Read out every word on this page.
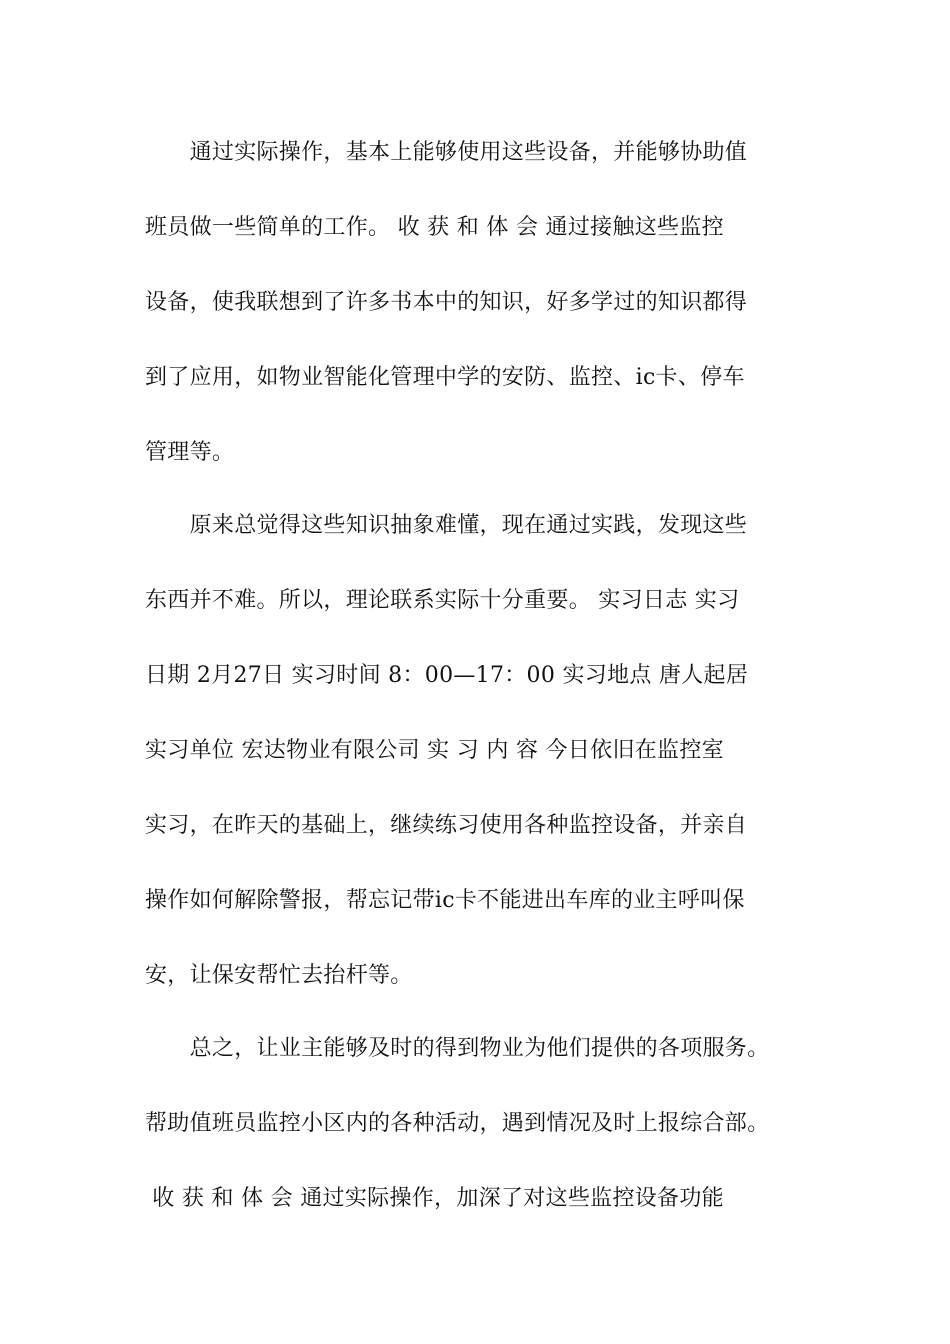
　　通过实际操作，基本上能够使用这些设备，并能够协助值
班员做一些简单的工作。 收 获 和 体 会 通过接触这些监控
设备，使我联想到了许多书本中的知识，好多学过的知识都得
到了应用，如物业智能化管理中学的安防、监控、ic卡、停车
管理等。
　　原来总觉得这些知识抽象难懂，现在通过实践，发现这些
东西并不难。所以，理论联系实际十分重要。 实习日志 实习
日期 2月27日 实习时间 8：00—17：00 实习地点 唐人起居
实习单位 宏达物业有限公司 实 习 内 容 今日依旧在监控室
实习，在昨天的基础上，继续练习使用各种监控设备，并亲自
操作如何解除警报，帮忘记带ic卡不能进出车库的业主呼叫保
安，让保安帮忙去抬杆等。
　　总之，让业主能够及时的得到物业为他们提供的各项服务。
帮助值班员监控小区内的各种活动，遇到情况及时上报综合部。
收 获 和 体 会 通过实际操作，加深了对这些监控设备功能
